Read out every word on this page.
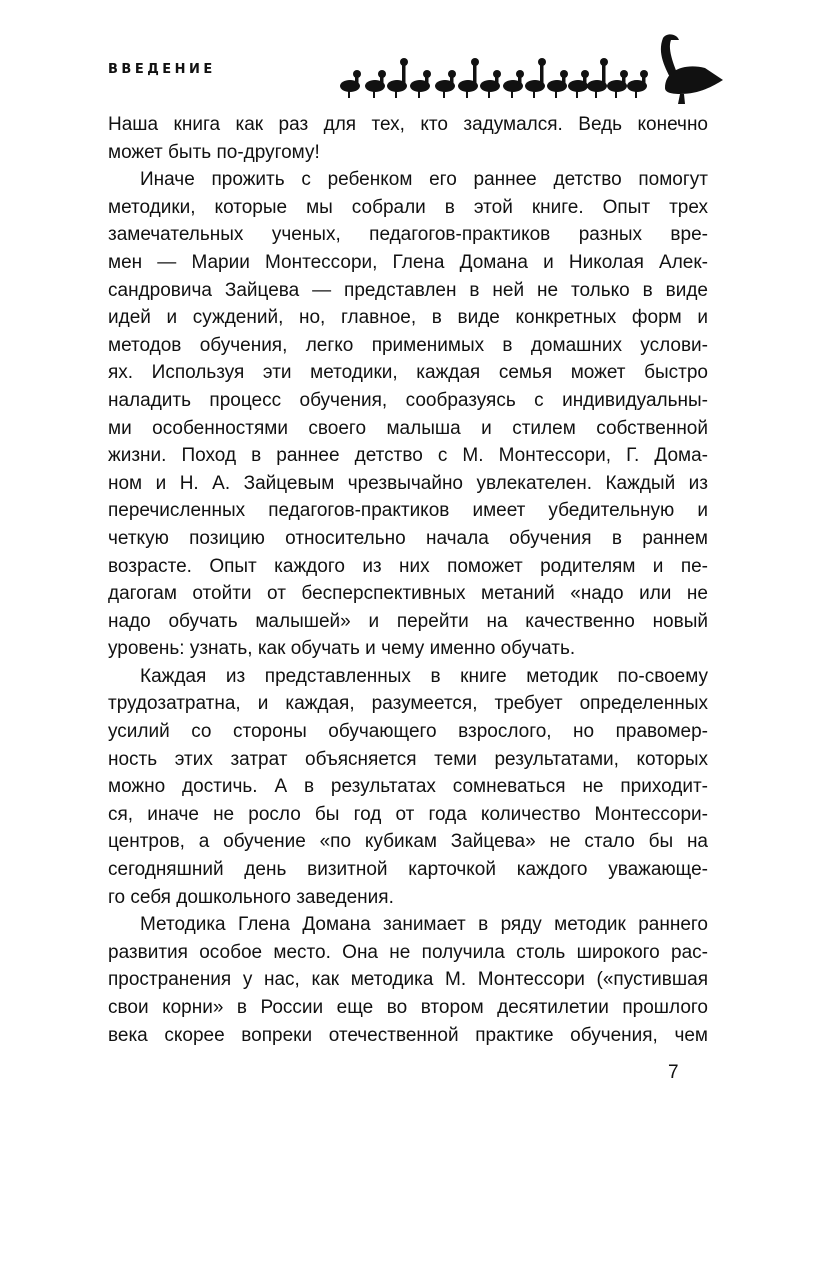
ВВЕДЕНИЕ
Наша книга как раз для тех, кто задумался. Ведь конечно
может быть по-другому!
Иначе прожить с ребенком его раннее детство помогут
методики, которые мы собрали в этой книге. Опыт трех
замечательных ученых, педагогов-практиков разных вре-
мен — Марии Монтессори, Глена Домана и Николая Алек-
сандровича Зайцева — представлен в ней не только в виде
идей и суждений, но, главное, в виде конкретных форм и
методов обучения, легко применимых в домашних услови-
ях. Используя эти методики, каждая семья может быстро
наладить процесс обучения, сообразуясь с индивидуальны-
ми особенностями своего малыша и стилем собственной
жизни. Поход в раннее детство с М. Монтессори, Г. Дома-
ном и Н. А. Зайцевым чрезвычайно увлекателен. Каждый из
перечисленных педагогов-практиков имеет убедительную и
четкую позицию относительно начала обучения в раннем
возрасте. Опыт каждого из них поможет родителям и пе-
дагогам отойти от бесперспективных метаний «надо или не
надо обучать малышей» и перейти на качественно новый
уровень: узнать, как обучать и чему именно обучать.
Каждая из представленных в книге методик по-своему
трудозатратна, и каждая, разумеется, требует определенных
усилий со стороны обучающего взрослого, но правомер-
ность этих затрат объясняется теми результатами, которых
можно достичь. А в результатах сомневаться не приходит-
ся, иначе не росло бы год от года количество Монтессори-
центров, а обучение «по кубикам Зайцева» не стало бы на
сегодняшний день визитной карточкой каждого уважающе-
го себя дошкольного заведения.
Методика Глена Домана занимает в ряду методик раннего
развития особое место. Она не получила столь широкого рас-
пространения у нас, как методика М. Монтессори («пустившая
свои корни» в России еще во втором десятилетии прошлого
века скорее вопреки отечественной практике обучения, чем
7
